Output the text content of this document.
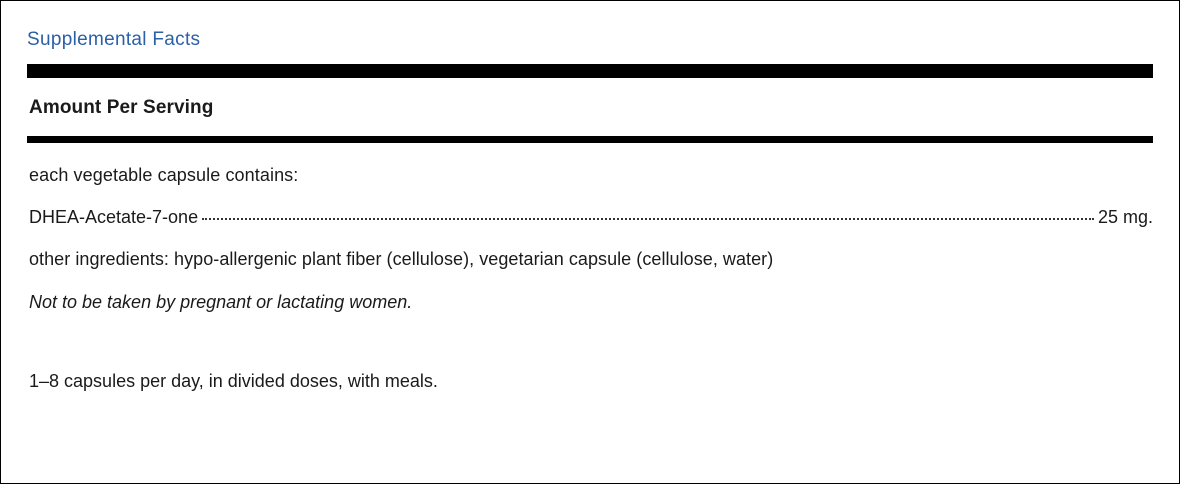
Supplemental Facts
Amount Per Serving
each vegetable capsule contains:
DHEA-Acetate-7-one	25 mg.
other ingredients: hypo-allergenic plant fiber (cellulose), vegetarian capsule (cellulose, water)
Not to be taken by pregnant or lactating women.
1–8 capsules per day, in divided doses, with meals.
